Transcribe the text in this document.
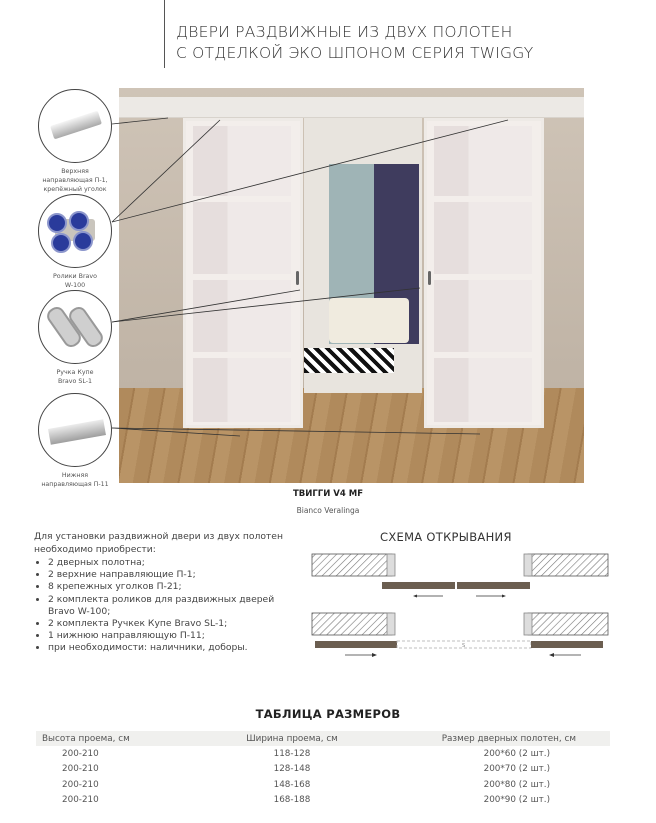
ДВЕРИ РАЗДВИЖНЫЕ ИЗ ДВУХ ПОЛОТЕН
С ОТДЕЛКОЙ ЭКО ШПОНОМ СЕРИЯ TWIGGY
Верхняя
направляющая П-1,
крепёжный уголок
Ролики Bravo
W-100
Ручка Купе
Bravo SL-1
Нижняя
направляющая П-11
ТВИГГИ V4 MF
Bianco Veralinga
Для установки раздвижной двери из двух полотен необходимо приобрести:
• 2 дверных полотна;
• 2 верхние направляющие П-1;
• 8 крепежных уголков П-21;
• 2 комплекта роликов для раздвижных дверей Bravo W-100;
• 2 комплекта Ручкек Купе Bravo SL-1;
• 1 нижнюю направляющую П-11;
• при необходимости: наличники, доборы.
СХЕМА ОТКРЫВАНИЯ
S
ТАБЛИЦА РАЗМЕРОВ
Высота проема, см	Ширина проема, см	Размер дверных полотен, см
200-210	118-128	200*60 (2 шт.)
200-210	128-148	200*70 (2 шт.)
200-210	148-168	200*80 (2 шт.)
200-210	168-188	200*90 (2 шт.)
